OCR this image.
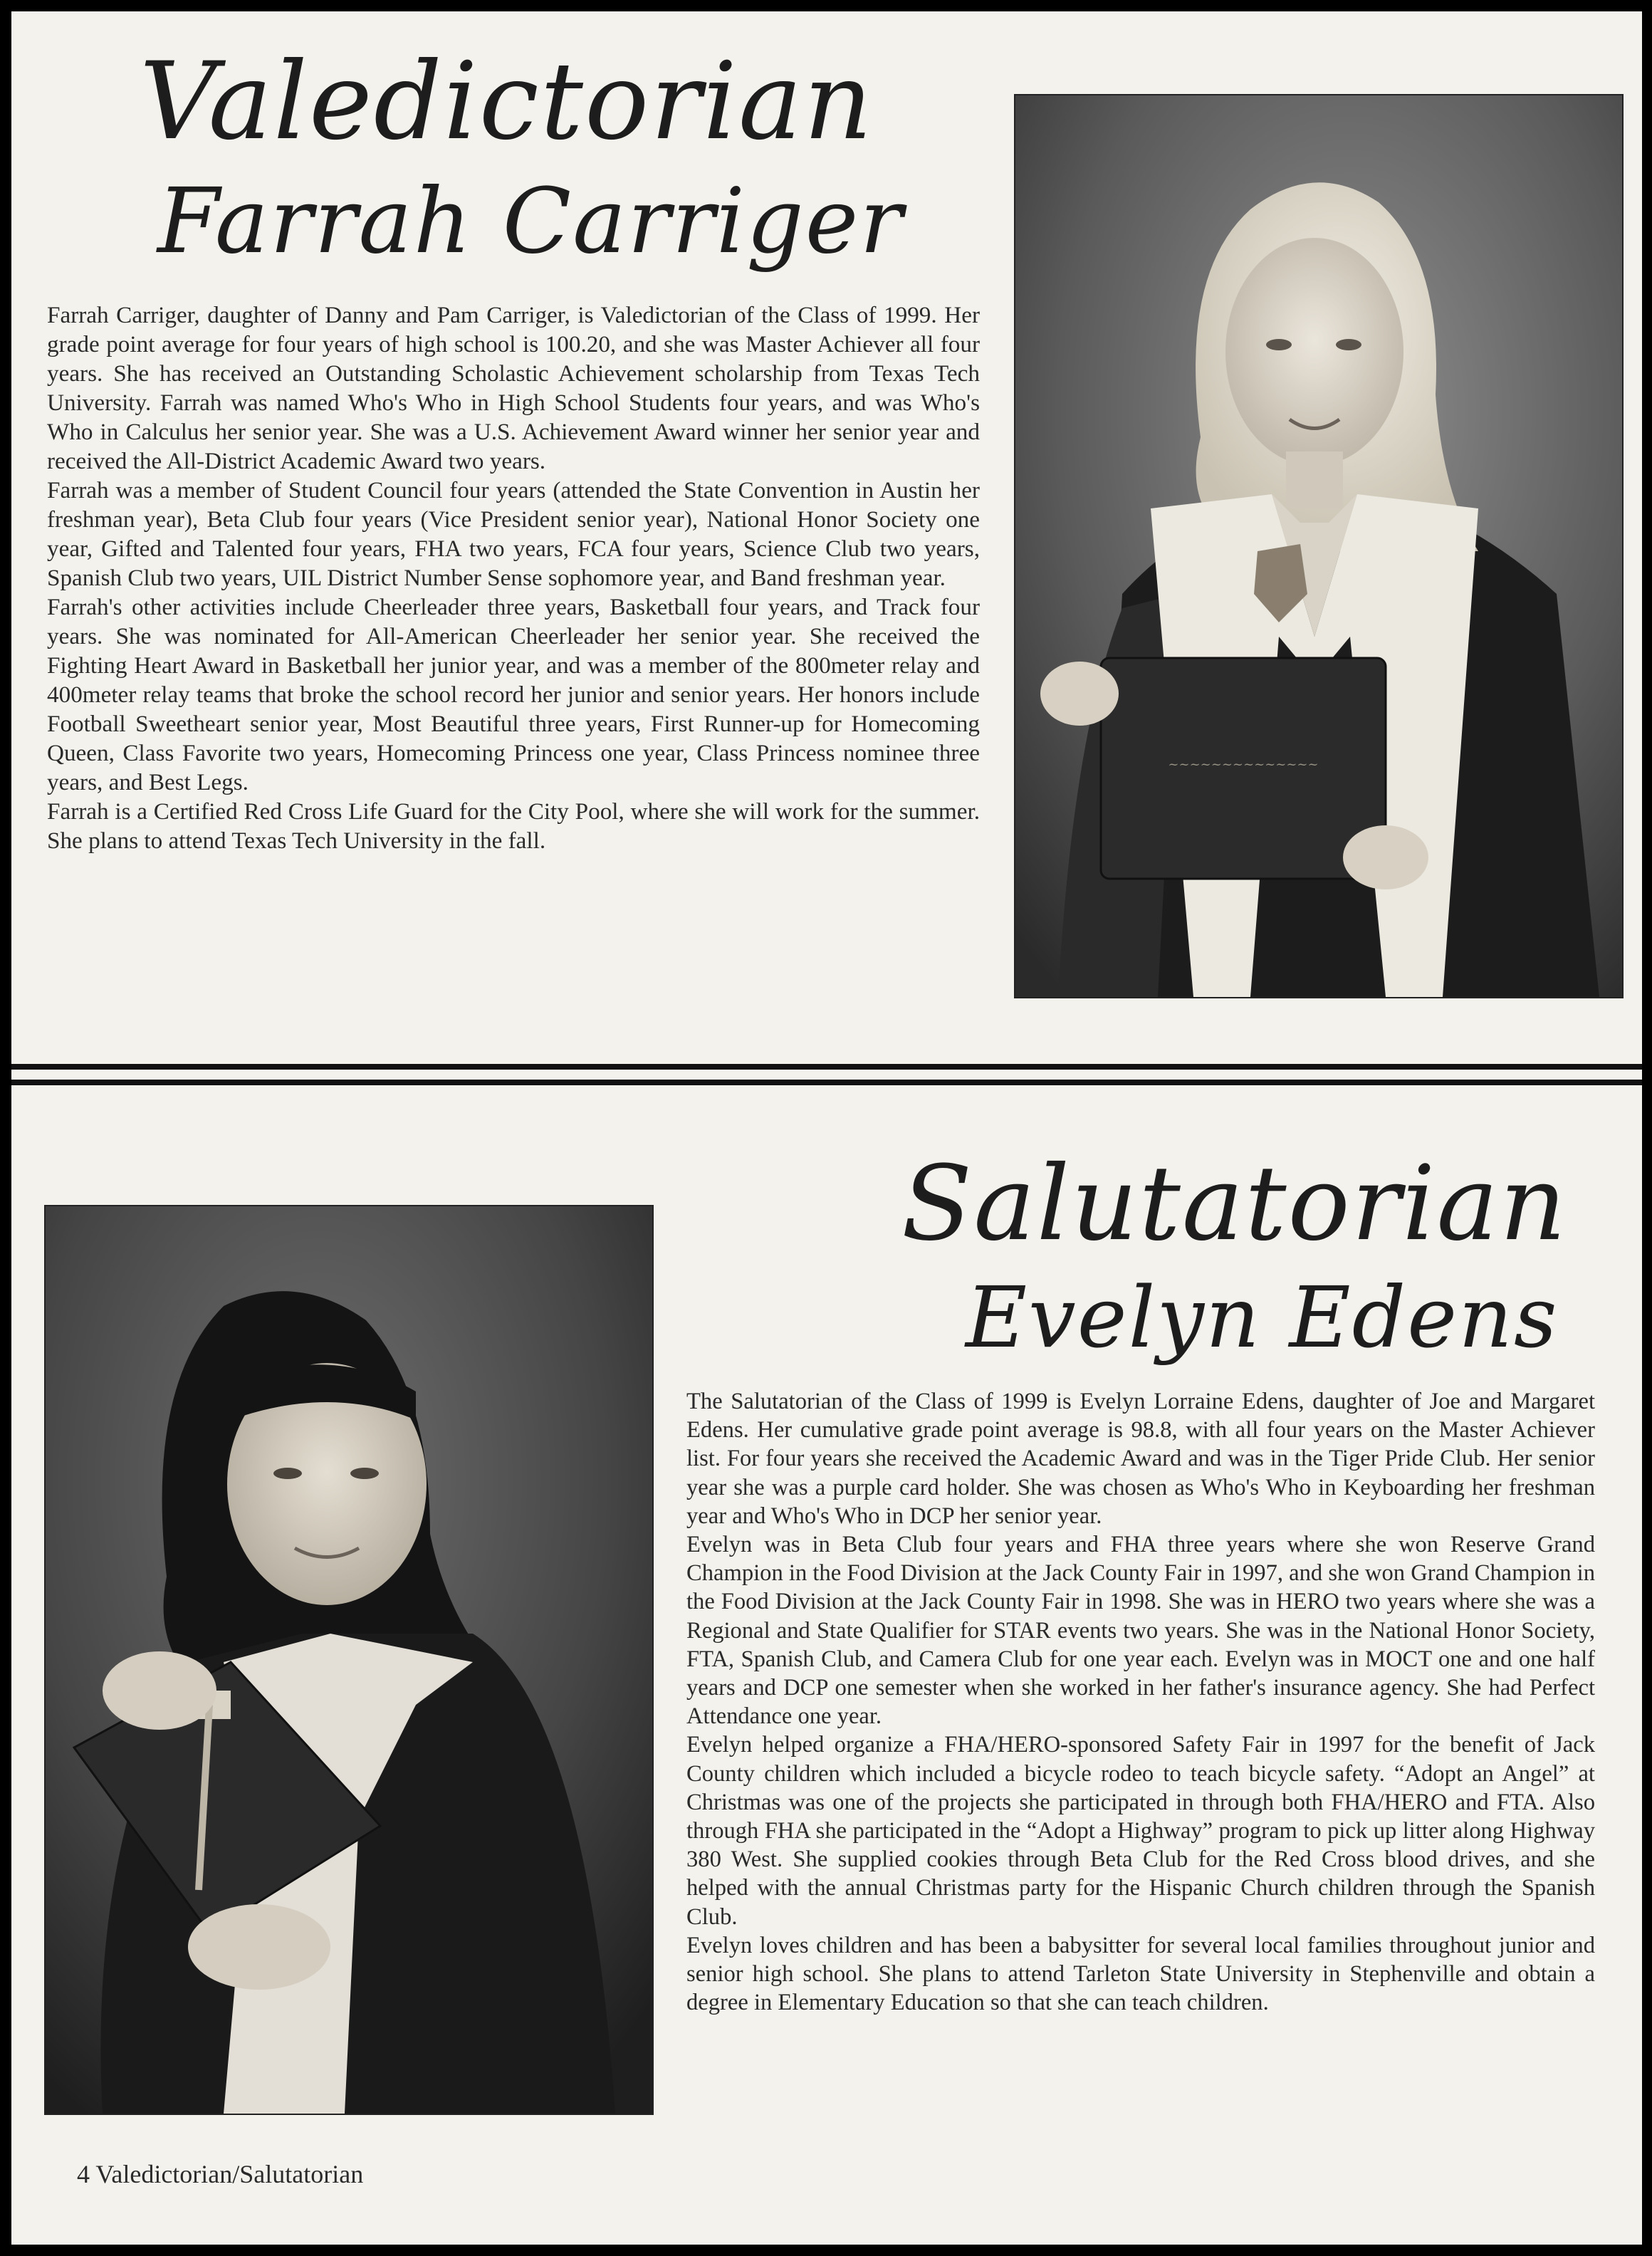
Valedictorian
Farrah Carriger

Farrah Carriger, daughter of Danny and Pam Carriger, is Valedictorian of the Class of 1999. Her grade point average for four years of high school is 100.20, and she was Master Achiever all four years. She has received an Outstanding Scholastic Achievement scholarship from Texas Tech University. Farrah was named Who's Who in High School Students four years, and was Who's Who in Calculus her senior year. She was a U.S. Achievement Award winner her senior year and received the All-District Academic Award two years.

Farrah was a member of Student Council four years (attended the State Convention in Austin her freshman year), Beta Club four years (Vice President senior year), National Honor Society one year, Gifted and Talented four years, FHA two years, FCA four years, Science Club two years, Spanish Club two years, UIL District Number Sense sophomore year, and Band freshman year.

Farrah's other activities include Cheerleader three years, Basketball four years, and Track four years. She was nominated for All-American Cheerleader her senior year. She received the Fighting Heart Award in Basketball her junior year, and was a member of the 800meter relay and 400meter relay teams that broke the school record her junior and senior years. Her honors include Football Sweetheart senior year, Most Beautiful three years, First Runner-up for Homecoming Queen, Class Favorite two years, Homecoming Princess one year, Class Princess nominee three years, and Best Legs.

Farrah is a Certified Red Cross Life Guard for the City Pool, where she will work for the summer. She plans to attend Texas Tech University in the fall.

~~~~~~~~~~~~~~
Salutatorian
Evelyn Edens

The Salutatorian of the Class of 1999 is Evelyn Lorraine Edens, daughter of Joe and Margaret Edens. Her cumulative grade point average is 98.8, with all four years on the Master Achiever list. For four years she received the Academic Award and was in the Tiger Pride Club. Her senior year she was a purple card holder. She was chosen as Who's Who in Keyboarding her freshman year and Who's Who in DCP her senior year.

Evelyn was in Beta Club four years and FHA three years where she won Reserve Grand Champion in the Food Division at the Jack County Fair in 1997, and she won Grand Champion in the Food Division at the Jack County Fair in 1998. She was in HERO two years where she was a Regional and State Qualifier for STAR events two years. She was in the National Honor Society, FTA, Spanish Club, and Camera Club for one year each. Evelyn was in MOCT one and one half years and DCP one semester when she worked in her father's insurance agency. She had Perfect Attendance one year.

Evelyn helped organize a FHA/HERO-sponsored Safety Fair in 1997 for the benefit of Jack County children which included a bicycle rodeo to teach bicycle safety. “Adopt an Angel” at Christmas was one of the projects she participated in through both FHA/HERO and FTA. Also through FHA she participated in the “Adopt a Highway” program to pick up litter along Highway 380 West. She supplied cookies through Beta Club for the Red Cross blood drives, and she helped with the annual Christmas party for the Hispanic Church children through the Spanish Club.

Evelyn loves children and has been a babysitter for several local families throughout junior and senior high school. She plans to attend Tarleton State University in Stephenville and obtain a degree in Elementary Education so that she can teach children.

4 Valedictorian/Salutatorian
